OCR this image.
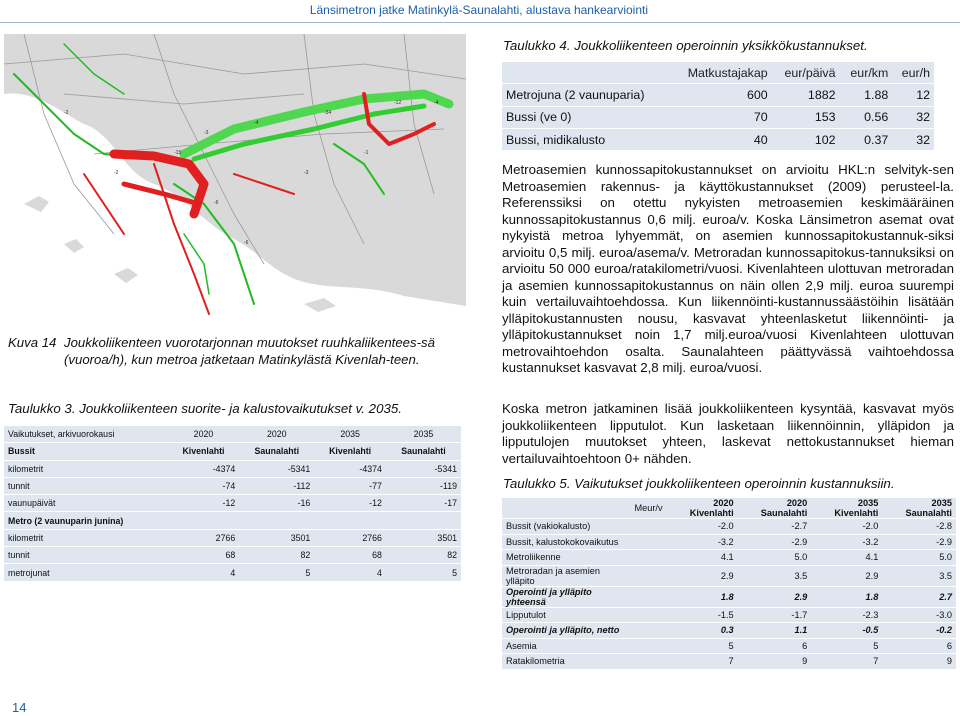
Länsimetron jatke Matinkylä-Saunalahti, alustava hankearviointi
-15
-3
-4
-34
-12	-4
-2
-2
-6
-6
-3
-1
Kuva 14 Joukkoliikenteen vuorotarjonnan muutokset ruuhkaliikentees-sä (vuoroa/h), kun metroa jatketaan Matinkylästä Kivenlah-teen.
Taulukko 3. Joukkoliikenteen suorite- ja kalustovaikutukset v. 2035.
Vaikutukset, arkivuorokausi	2020	2020	2035	2035
Bussit	Kivenlahti	Saunalahti	Kivenlahti	Saunalahti
kilometrit	-4374	-5341	-4374	-5341
tunnit	-74	-112	-77	-119
vaunupäivät	-12	-16	-12	-17
Metro (2 vaunuparin junina)				
kilometrit	2766	3501	2766	3501
tunnit	68	82	68	82
metrojunat	4	5	4	5
Taulukko 4. Joukkoliikenteen operoinnin yksikkökustannukset.
	Matkustajakap	eur/päivä	eur/km	eur/h
Metrojuna (2 vaunuparia)	600	1882	1.88	12
Bussi (ve 0)	70	153	0.56	32
Bussi, midikalusto	40	102	0.37	32
Metroasemien kunnossapitokustannukset on arvioitu HKL:n selvityk-sen Metroasemien rakennus- ja käyttökustannukset (2009) perusteel-la. Referenssiksi on otettu nykyisten metroasemien keskimääräinen kunnossapitokustannus 0,6 milj. euroa/v. Koska Länsimetron asemat ovat nykyistä metroa lyhyemmät, on asemien kunnossapitokustannuk-siksi arvioitu 0,5 milj. euroa/asema/v. Metroradan kunnossapitokus-tannuksiksi on arvioitu 50 000 euroa/ratakilometri/vuosi. Kivenlahteen ulottuvan metroradan ja asemien kunnossapitokustannus on näin ollen 2,9 milj. euroa suurempi kuin vertailuvaihtoehdossa. Kun liikennöinti-kustannussäästöihin lisätään ylläpitokustannusten nousu, kasvavat yhteenlasketut liikennöinti- ja ylläpitokustannukset noin 1,7 milj.euroa/vuosi Kivenlahteen ulottuvan metrovaihtoehdon osalta. Saunalahteen päättyvässä vaihtoehdossa kustannukset kasvavat 2,8 milj. euroa/vuosi.
Koska metron jatkaminen lisää joukkoliikenteen kysyntää, kasvavat myös joukkoliikenteen lipputulot. Kun lasketaan liikennöinnin, ylläpidon ja lipputulojen muutokset yhteen, laskevat nettokustannukset hieman vertailuvaihtoehtoon 0+ nähden.
Taulukko 5. Vaikutukset joukkoliikenteen operoinnin kustannuksiin.
	Meur/v	2020 Kivenlahti	2020 Saunalahti	2035 Kivenlahti	2035 Saunalahti
Bussit (vakiokalusto)		-2.0	-2.7	-2.0	-2.8
Bussit, kalustokokovaikutus		-3.2	-2.9	-3.2	-2.9
Metroliikenne		4.1	5.0	4.1	5.0
Metroradan ja asemien ylläpito		2.9	3.5	2.9	3.5
Operointi ja ylläpito yhteensä		1.8	2.9	1.8	2.7
Lipputulot		-1.5	-1.7	-2.3	-3.0
Operointi ja ylläpito, netto		0.3	1.1	-0.5	-0.2
Asemia		5	6	5	6
Ratakilometria		7	9	7	9
14
